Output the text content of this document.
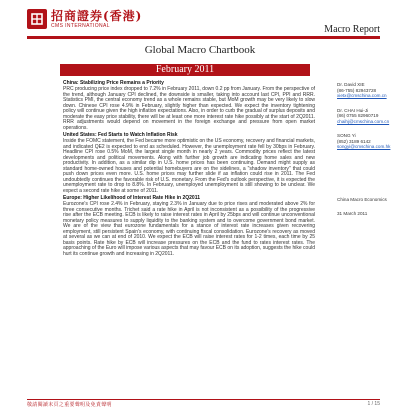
招商證券(香港)
CMS INTERNATIONAL	Macro Report
Global Macro Chartbook
February 2011
China: Stabilizing Price Remains a Priority

PRC producing price index dropped to 7.2% in February 2011, down 0.2 pp from January. From the perspective of the trend, although January CPI declined, the downside is smaller, taking into account last CPI, PPI and RRR. Statistics PMI, the central economy trend as a whole remains stable, but MoM growth may be very likely to slow down. Chinese CPI rose 4.9% in February, slightly higher than expected. We expect the inventory tightening policy will continue given the high inflation expectations. Also, in order to curb the gradual of surplus deposits and moderate the easy price stability, there will be at least one more interest rate hike possibly at the start of 2Q2011. RRR adjustments would depend on movement in the foreign exchange and pressure from open market operations.

United States: Fed Starts to Watch Inflation Risk

Inside the FOMC statement, the Fed became more optimistic on the US economy, recovery and financial markets, and indicated QE2 is expected to end as scheduled. However, the unemployment rate fell by 30bps in February. Headline CPI rose 0.5% MoM, the largest single month in nearly 2 years. Commodity prices reflect the latest developments and political movements. Along with further job growth are indicating home sales and new productivity. In addition, as a similar dip in U.S. home prices has been continuing. Demand might supply as standard home-owned houses and potential homebuyers are on the sidelines, a "shadow inventory" that could push down prices even more. U.S. home prices may further slide if as inflation could rise in 2011. The Fed undoubtedly continues the favorable risk of U.S. monetary. From the Fed's outlook perspective, it is expected the unemployment rate to drop to 8.8%. In February, unemployed unemployment is still showing to be unclear. We expect a second rate hike at some of 2011.

Europe: Higher Likelihood of Interest Rate Hike in 2Q2011

Eurozone's CPI rose 2.4% in February, staying 2.3% in January due to price rises and moderated above 2% for three consecutive months. Trichet said a rate hike in April is not inconsistent as a possibility of the progressive rise after the ECB meeting. ECB is likely to raise interest rates in April by 25bps and will continue unconventional monetary policy measures to supply liquidity to the banking system and to overcome government bond market. We are of the view that eurozone fundamentals for a stance of interest rate increases given recovering employment, still persistent Spain's economy, with continuing fiscal consolidation. Eurozone's recovery as moved at several as we can at end of 2010. We expect the ECB will raise interest rates for 1-2 times, each time by 25 basis points. Rate hike by ECB will increase pressures on the ECB and the fund to rates interest rates. The approaching of the Euro will impose various aspects that may favour ECB on its adoption, suggests the hike could hurt its continue growth and increasing in 2Q2011.

Dr. David XIE
(86-755) 82943728
xietx@cmschina.com.cn
Dr. CHAI Hui-Ji
(86) 0755 82960719
chaihj@cmschina.com.cn
SONG Yi
(852) 3189 6142
songyi@cmschina.com.hk
China Macro Economics
31 March 2011
敬請閱讀末頁之重要聲明及免責聲明	1 / 15
